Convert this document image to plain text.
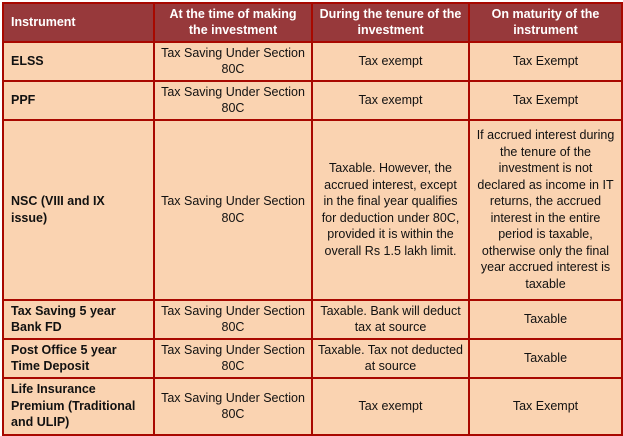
Instrument	At the time of making the investment	During the tenure of the investment	On maturity of the instrument
ELSS	Tax Saving Under Section 80C	Tax exempt	Tax Exempt
PPF	Tax Saving Under Section 80C	Tax exempt	Tax Exempt
NSC (VIII and IX issue)	Tax Saving Under Section 80C	Taxable. However, the accrued interest, except in the final year qualifies for deduction under 80C, provided it is within the overall Rs 1.5 lakh limit.	If accrued interest during the tenure of the investment is not declared as income in IT returns, the accrued interest in the entire period is taxable, otherwise only the final year accrued interest is taxable
Tax Saving 5 year Bank FD	Tax Saving Under Section 80C	Taxable. Bank will deduct tax at source	Taxable
Post Office 5 year Time Deposit	Tax Saving Under Section 80C	Taxable. Tax not deducted at source	Taxable
Life Insurance Premium (Traditional and ULIP)	Tax Saving Under Section 80C	Tax exempt	Tax Exempt
